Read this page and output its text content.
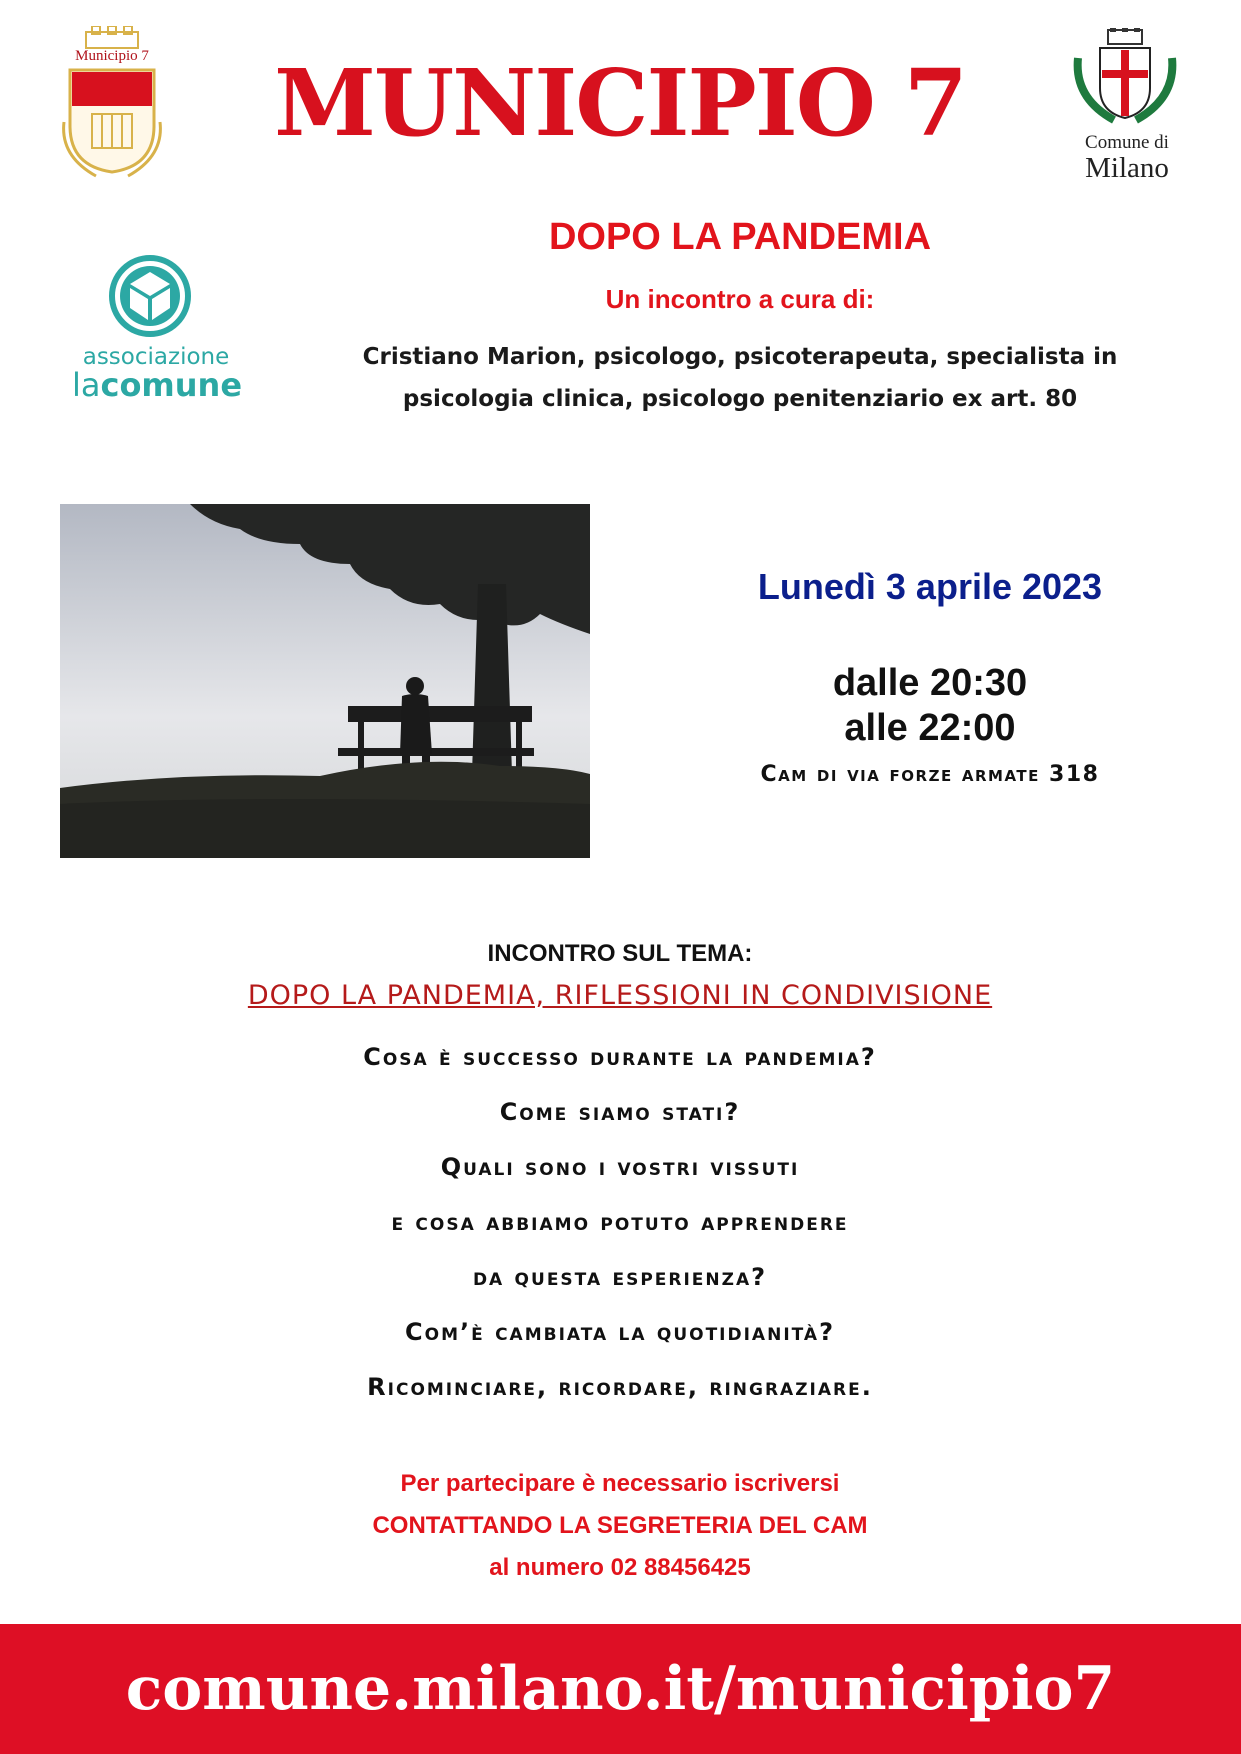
Municipio 7	MUNICIPIO 7	Comune di
Milano
DOPO LA PANDEMIA
Un incontro a cura di:
Cristiano Marion, psicologo, psicoterapeuta, specialista in
psicologia clinica, psicologo penitenziario ex art. 80
associazione
lacomune
Lunedì 3 aprile 2023
dalle 20:30
alle 22:00
Cam di via forze armate 318
INCONTRO SUL TEMA:
DOPO LA PANDEMIA, RIFLESSIONI IN CONDIVISIONE
Cosa è successo durante la pandemia?
Come siamo stati?
Quali sono i vostri vissuti
e cosa abbiamo potuto apprendere
da questa esperienza?
Com’è cambiata la quotidianità?
Ricominciare, ricordare, ringraziare.
Per partecipare è necessario iscriversi
CONTATTANDO LA SEGRETERIA DEL CAM
al numero 02 88456425
comune.milano.it/municipio7
